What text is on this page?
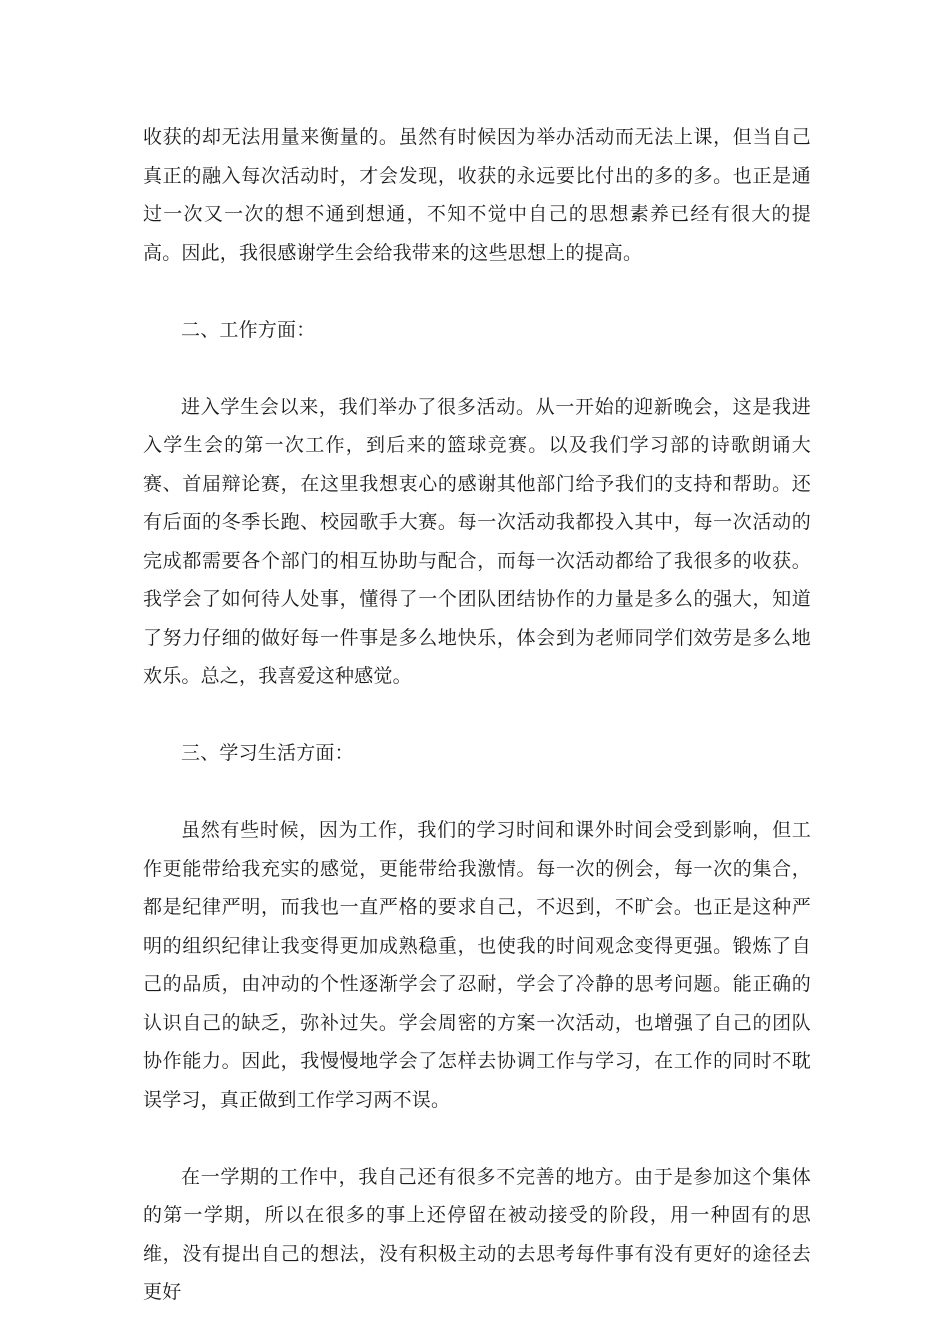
收获的却无法用量来衡量的。虽然有时候因为举办活动而无法上课，但当自己真正的融入每次活动时，才会发现，收获的永远要比付出的多的多。也正是通过一次又一次的想不通到想通，不知不觉中自己的思想素养已经有很大的提高。因此，我很感谢学生会给我带来的这些思想上的提高。

二、工作方面：

进入学生会以来，我们举办了很多活动。从一开始的迎新晚会，这是我进入学生会的第一次工作，到后来的篮球竞赛。以及我们学习部的诗歌朗诵大赛、首届辩论赛，在这里我想衷心的感谢其他部门给予我们的支持和帮助。还有后面的冬季长跑、校园歌手大赛。每一次活动我都投入其中，每一次活动的完成都需要各个部门的相互协助与配合，而每一次活动都给了我很多的收获。我学会了如何待人处事，懂得了一个团队团结协作的力量是多么的强大，知道了努力仔细的做好每一件事是多么地快乐，体会到为老师同学们效劳是多么地欢乐。总之，我喜爱这种感觉。

三、学习生活方面：

虽然有些时候，因为工作，我们的学习时间和课外时间会受到影响，但工作更能带给我充实的感觉，更能带给我激情。每一次的例会，每一次的集合，都是纪律严明，而我也一直严格的要求自己，不迟到，不旷会。也正是这种严明的组织纪律让我变得更加成熟稳重，也使我的时间观念变得更强。锻炼了自己的品质，由冲动的个性逐渐学会了忍耐，学会了冷静的思考问题。能正确的认识自己的缺乏，弥补过失。学会周密的方案一次活动，也增强了自己的团队协作能力。因此，我慢慢地学会了怎样去协调工作与学习，在工作的同时不耽误学习，真正做到工作学习两不误。

在一学期的工作中，我自己还有很多不完善的地方。由于是参加这个集体的第一学期，所以在很多的事上还停留在被动接受的阶段，用一种固有的思维，没有提出自己的想法，没有积极主动的去思考每件事有没有更好的途径去更好
